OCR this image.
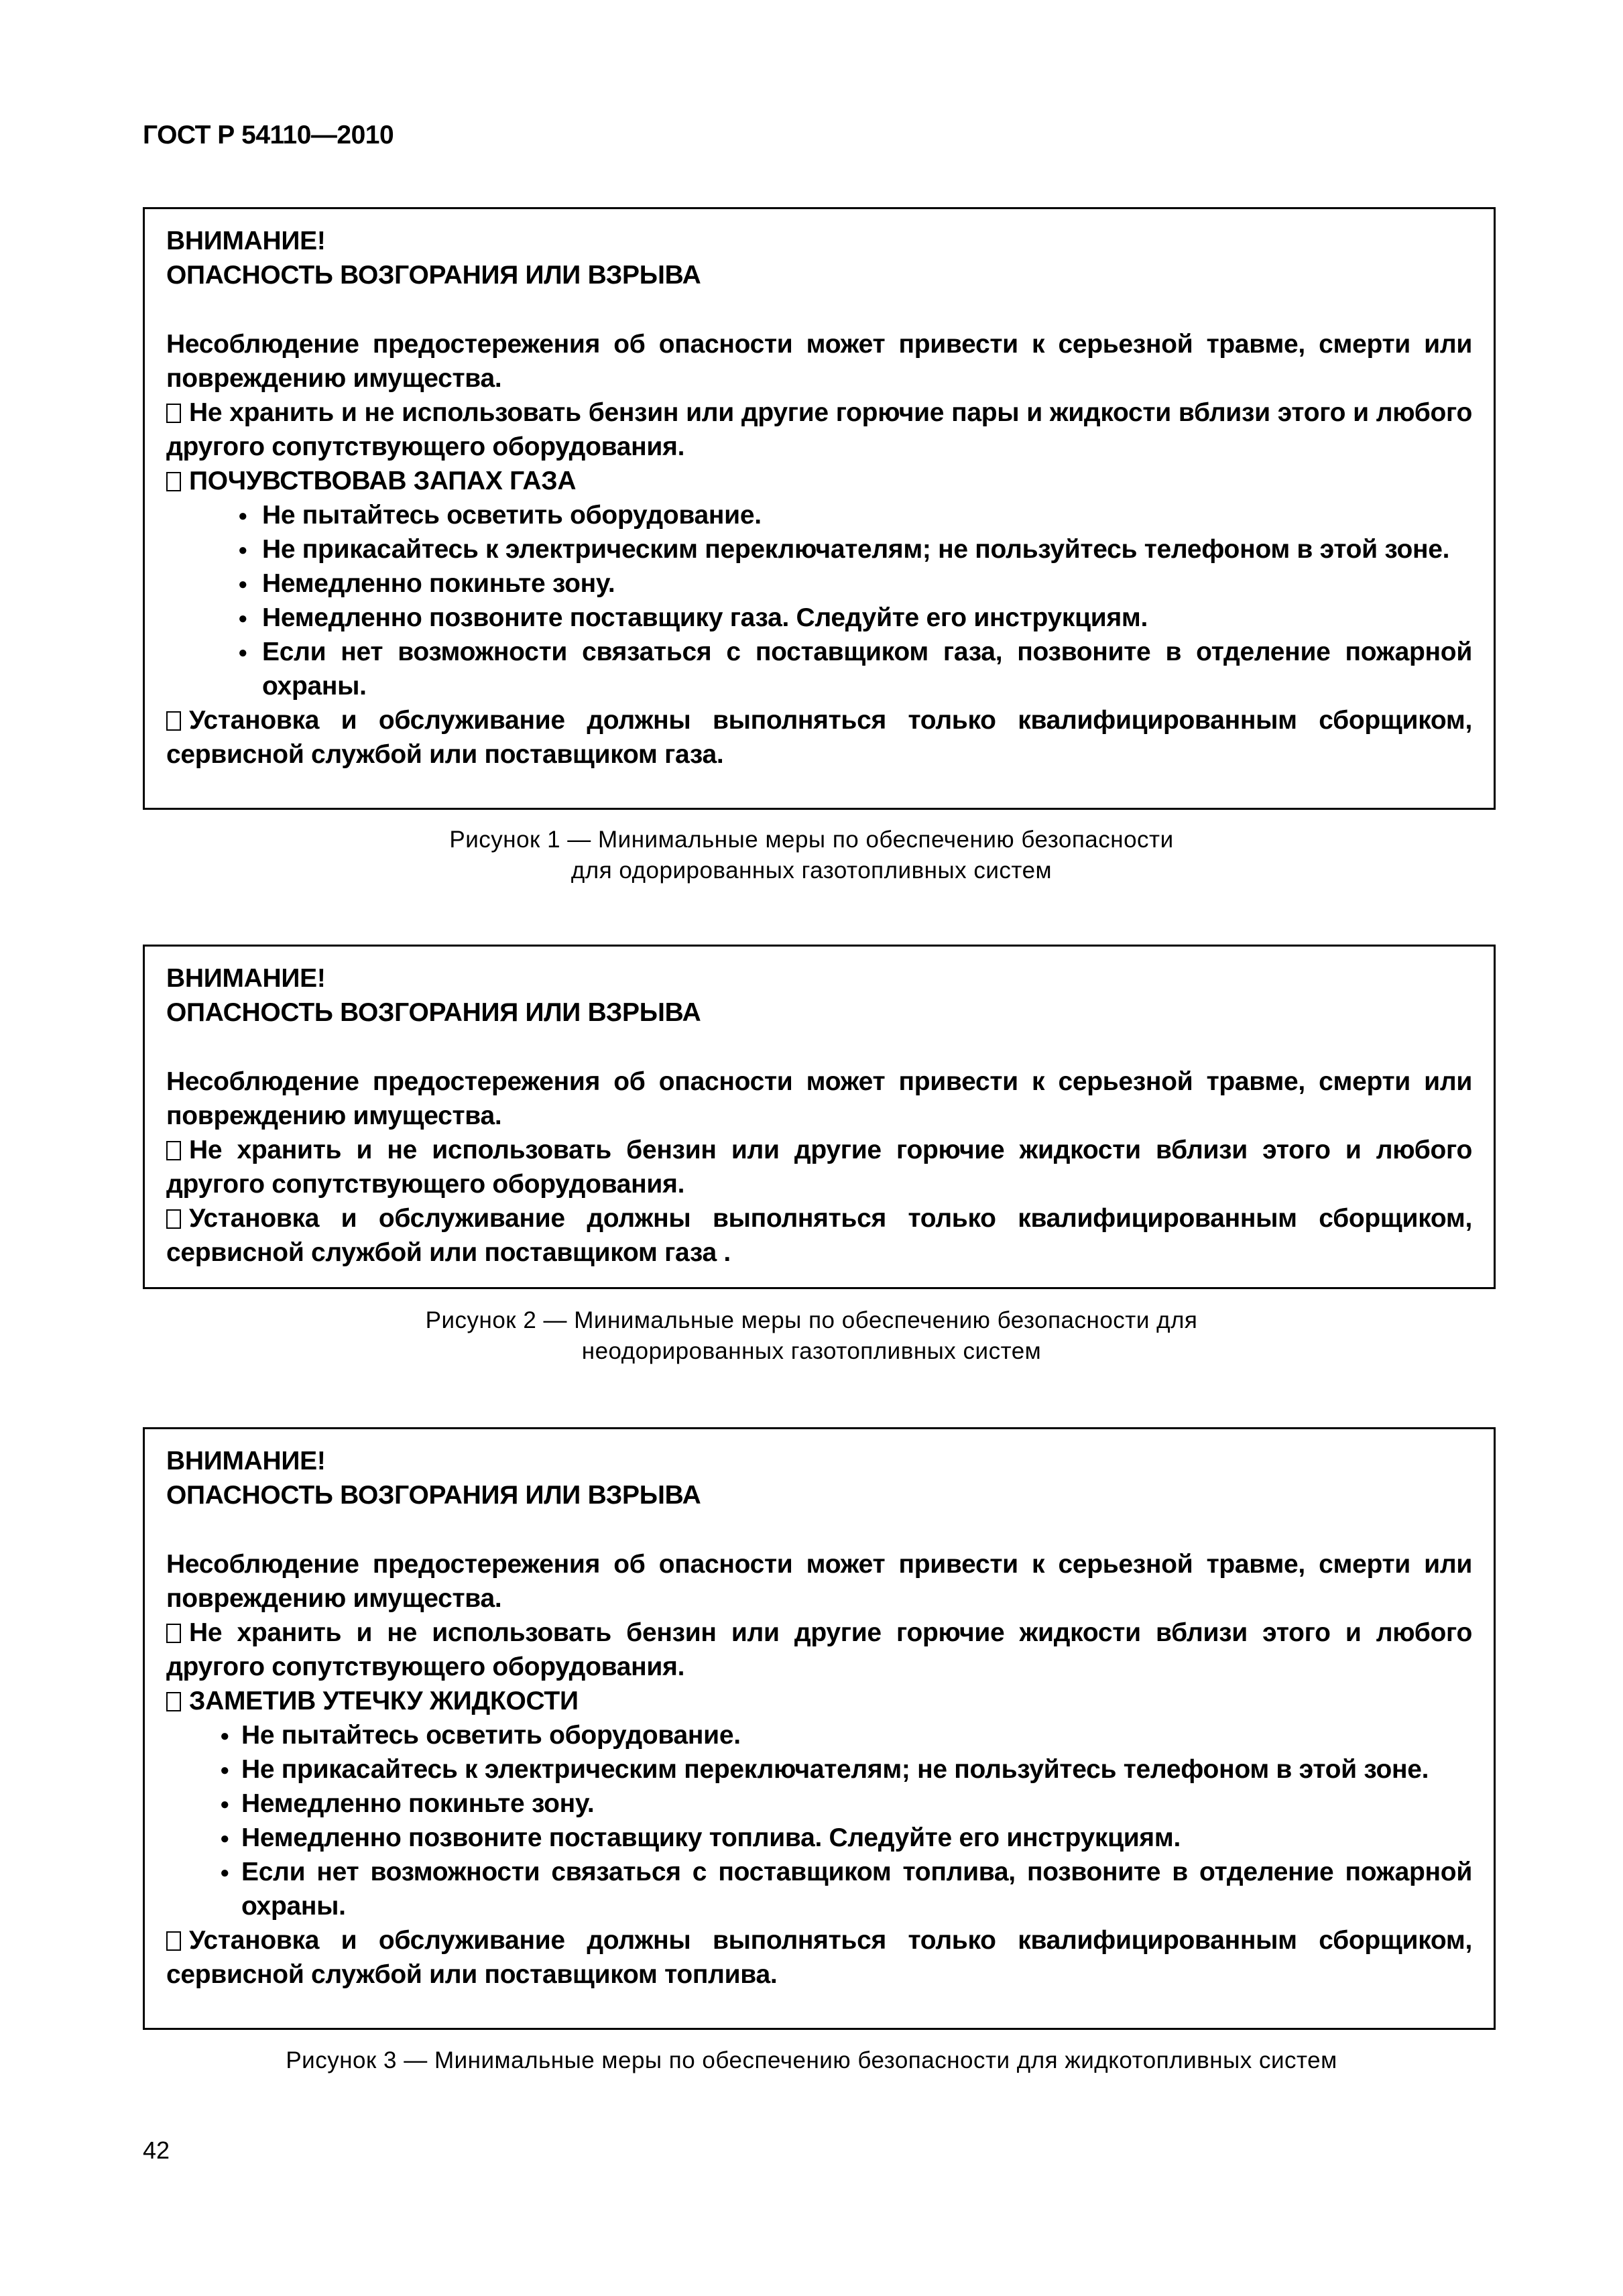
ГОСТ Р 54110—2010
ВНИМАНИЕ!
ОПАСНОСТЬ ВОЗГОРАНИЯ ИЛИ ВЗРЫВА

Несоблюдение предостережения об опасности может привести к серьезной травме, смерти или повреждению имущества.

Не хранить и не использовать бензин или другие горючие пары и жидкости вблизи этого и любого другого сопутствующего оборудования.

ПОЧУВСТВОВАВ ЗАПАХ ГАЗА

● Не пытайтесь осветить оборудование.

● Не прикасайтесь к электрическим переключателям; не пользуйтесь телефоном в этой зоне.

● Немедленно покиньте зону.

● Немедленно позвоните поставщику газа. Следуйте его инструкциям.

● Если нет возможности связаться с поставщиком газа, позвоните в отделение пожарной охраны.

Установка и обслуживание должны выполняться только квалифицированным сборщиком, сервисной службой или поставщиком газа.

Рисунок 1 — Минимальные меры по обеспечению безопасности
для одорированных газотопливных систем
ВНИМАНИЕ!
ОПАСНОСТЬ ВОЗГОРАНИЯ ИЛИ ВЗРЫВА

Несоблюдение предостережения об опасности может привести к серьезной травме, смерти или повреждению имущества.

Не хранить и не использовать бензин или другие горючие жидкости вблизи этого и любого другого сопутствующего оборудования.

Установка и обслуживание должны выполняться только квалифицированным сборщиком, сервисной службой или поставщиком газа .

Рисунок 2 — Минимальные меры по обеспечению безопасности для
неодорированных газотопливных систем
ВНИМАНИЕ!
ОПАСНОСТЬ ВОЗГОРАНИЯ ИЛИ ВЗРЫВА

Несоблюдение предостережения об опасности может привести к серьезной травме, смерти или повреждению имущества.

Не хранить и не использовать бензин или другие горючие жидкости вблизи этого и любого другого сопутствующего оборудования.

ЗАМЕТИВ УТЕЧКУ ЖИДКОСТИ

● Не пытайтесь осветить оборудование.

● Не прикасайтесь к электрическим переключателям; не пользуйтесь телефоном в этой зоне.

● Немедленно покиньте зону.

● Немедленно позвоните поставщику топлива. Следуйте его инструкциям.

● Если нет возможности связаться с поставщиком топлива, позвоните в отделение пожарной охраны.

Установка и обслуживание должны выполняться только квалифицированным сборщиком, сервисной службой или поставщиком топлива.

Рисунок 3 — Минимальные меры по обеспечению безопасности для жидкотопливных систем
42
